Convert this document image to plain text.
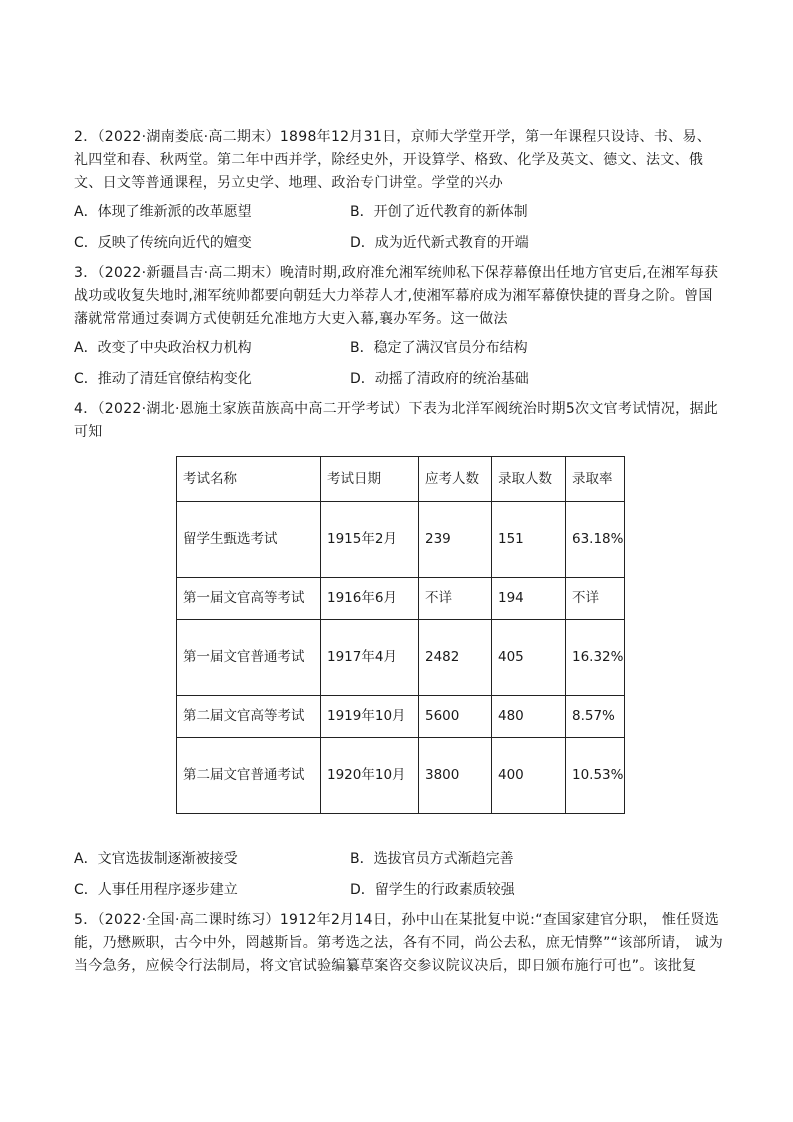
2．（2022·湖南娄底·高二期末）1898年12月31日，京师大学堂开学，第一年课程只设诗、书、易、礼四堂和春、秋两堂。第二年中西并学，除经史外，开设算学、格致、化学及英文、德文、法文、俄文、日文等普通课程，另立史学、地理、政治专门讲堂。学堂的兴办

A．体现了维新派的改革愿望	B．开创了近代教育的新体制
C．反映了传统向近代的嬗变	D．成为近代新式教育的开端

3．（2022·新疆昌吉·高二期末）晚清时期,政府准允湘军统帅私下保荐幕僚出任地方官吏后,在湘军每获战功或收复失地时,湘军统帅都要向朝廷大力举荐人才,使湘军幕府成为湘军幕僚快捷的晋身之阶。曾国藩就常常通过奏调方式使朝廷允准地方大吏入幕,襄办军务。这一做法

A．改变了中央政治权力机构	B．稳定了满汉官员分布结构
C．推动了清廷官僚结构变化	D．动摇了清政府的统治基础

4．（2022·湖北·恩施土家族苗族高中高二开学考试）下表为北洋军阀统治时期5次文官考试情况，据此可知

考试名称	考试日期	应考人数	录取人数	录取率
留学生甄选考试	1915年2月	239	151	63.18%
第一届文官高等考试	1916年6月	不详	194	不详
第一届文官普通考试	1917年4月	2482	405	16.32%
第二届文官高等考试	1919年10月	5600	480	8.57%
第二届文官普通考试	1920年10月	3800	400	10.53%
A．文官选拔制逐渐被接受	B．选拔官员方式渐趋完善
C．人事任用程序逐步建立	D．留学生的行政素质较强

5．（2022·全国·高二课时练习）1912年2月14日，孙中山在某批复中说:“查国家建官分职， 惟任贤选能，乃懋厥职，古今中外，罔越斯旨。第考选之法，各有不同，尚公去私，庶无情弊”“该部所请， 诚为当今急务，应候令行法制局，将文官试验编纂草案咨交参议院议决后，即日颁布施行可也”。该批复
